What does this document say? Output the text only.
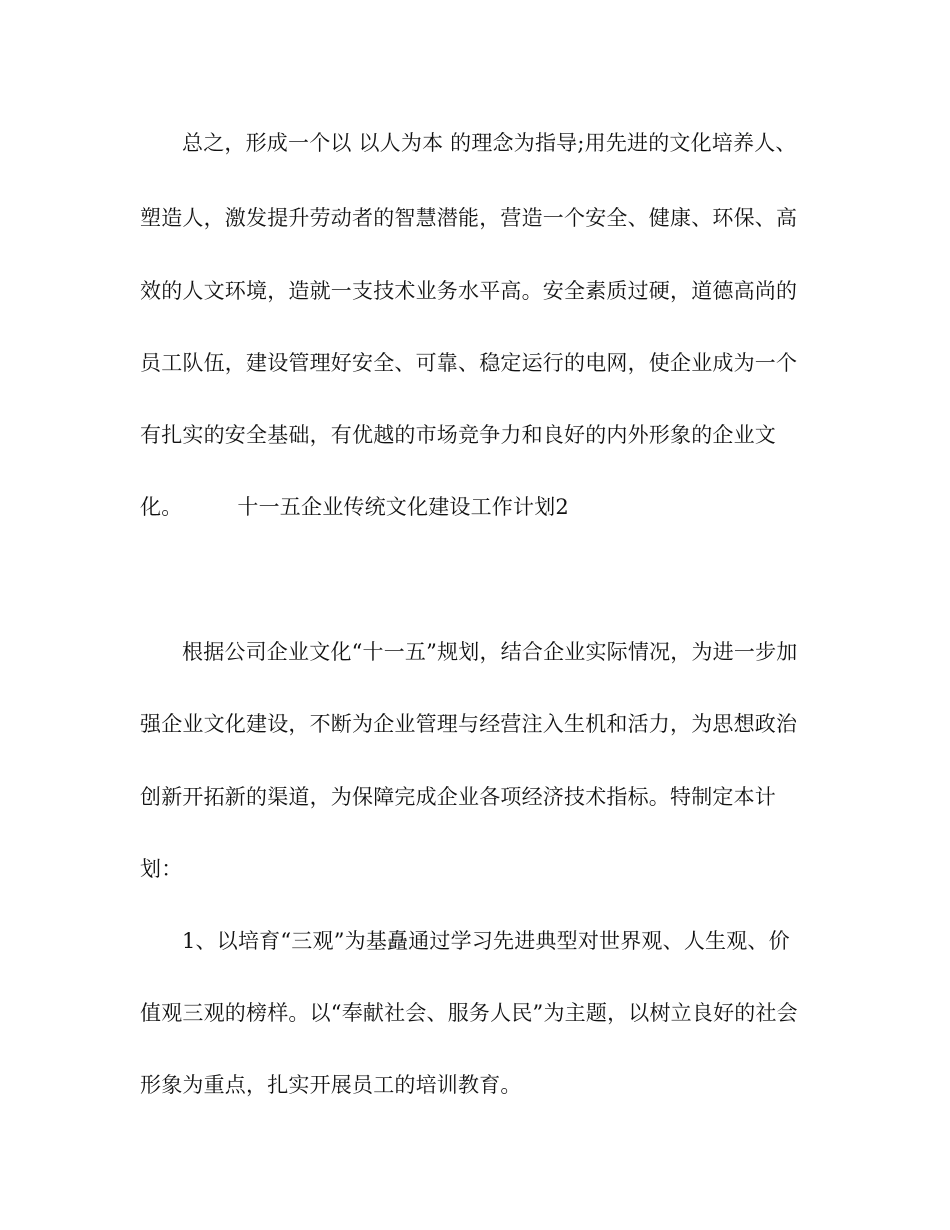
总之，形成一个以 以人为本 的理念为指导;用先进的文化培养人、
塑造人，激发提升劳动者的智慧潜能，营造一个安全、健康、环保、高
效的人文环境，造就一支技术业务水平高。安全素质过硬，道德高尚的
员工队伍，建设管理好安全、可靠、稳定运行的电网，使企业成为一个
有扎实的安全基础，有优越的市场竞争力和良好的内外形象的企业文
化。        十一五企业传统文化建设工作计划2
根据公司企业文化“十一五”规划，结合企业实际情况，为进一步加
强企业文化建设，不断为企业管理与经营注入生机和活力，为思想政治
创新开拓新的渠道，为保障完成企业各项经济技术指标。特制定本计
划：
1、以培育“三观”为基矗通过学习先进典型对世界观、人生观、价
值观三观的榜样。以“奉献社会、服务人民”为主题，以树立良好的社会
形象为重点，扎实开展员工的培训教育。
